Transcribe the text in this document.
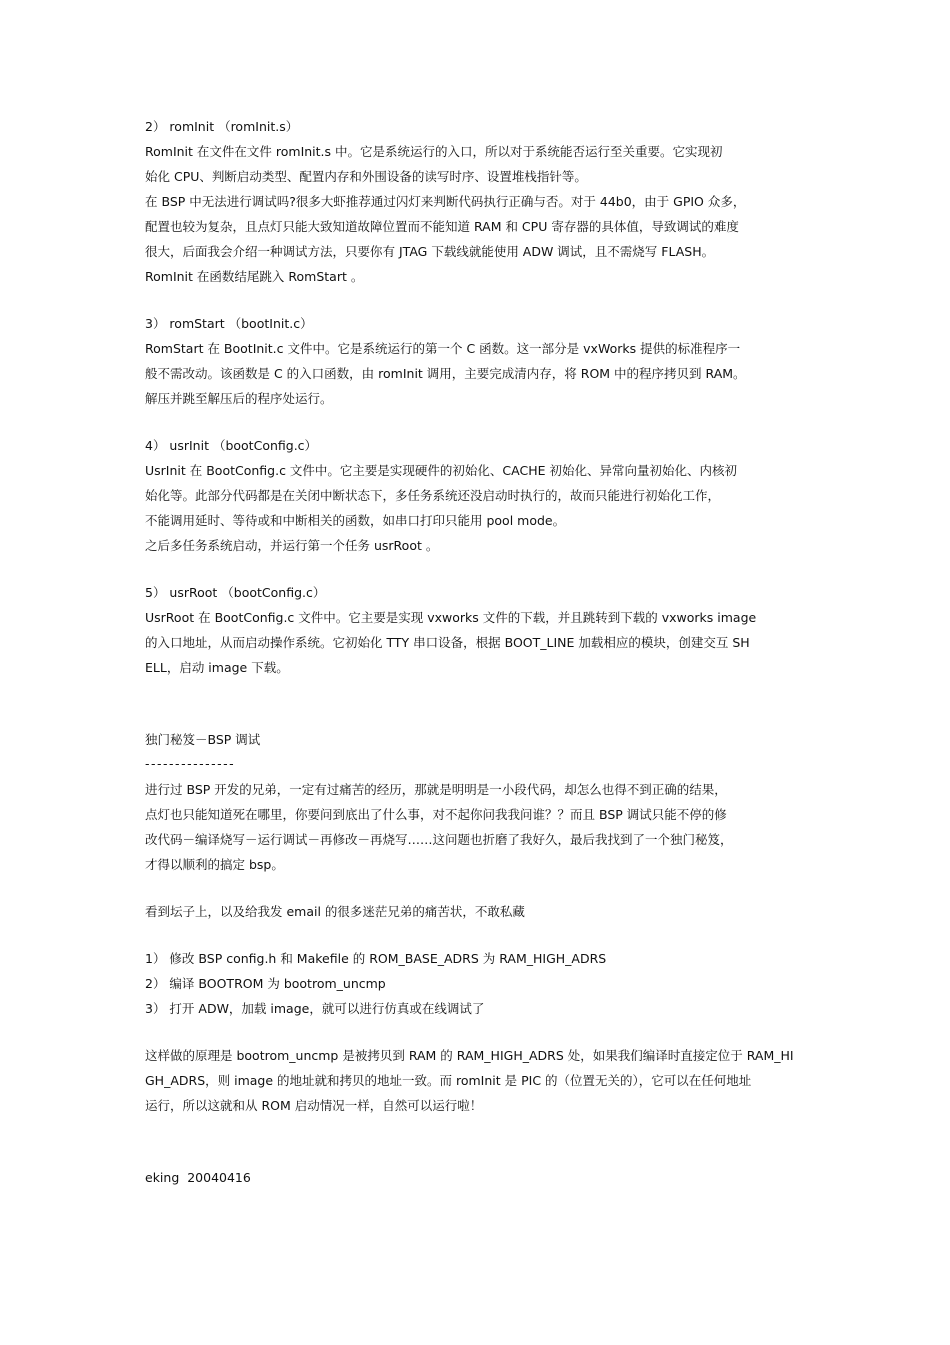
2） romInit （romInit.s）
RomInit 在文件在文件 romInit.s 中。它是系统运行的入口，所以对于系统能否运行至关重要。它实现初
始化 CPU、判断启动类型、配置内存和外围设备的读写时序、设置堆栈指针等。
在 BSP 中无法进行调试吗?很多大虾推荐通过闪灯来判断代码执行正确与否。对于 44b0，由于 GPIO 众多，
配置也较为复杂，且点灯只能大致知道故障位置而不能知道 RAM 和 CPU 寄存器的具体值，导致调试的难度
很大，后面我会介绍一种调试方法，只要你有 JTAG 下载线就能使用 ADW 调试，且不需烧写 FLASH。
RomInit 在函数结尾跳入 RomStart 。
3） romStart （bootInit.c）
RomStart 在 BootInit.c 文件中。它是系统运行的第一个 C 函数。这一部分是 vxWorks 提供的标准程序一
般不需改动。该函数是 C 的入口函数，由 romInit 调用，主要完成清内存，将 ROM 中的程序拷贝到 RAM。
解压并跳至解压后的程序处运行。
4） usrInit （bootConfig.c）
UsrInit 在 BootConfig.c 文件中。它主要是实现硬件的初始化、CACHE 初始化、异常向量初始化、内核初
始化等。此部分代码都是在关闭中断状态下，多任务系统还没启动时执行的，故而只能进行初始化工作，
不能调用延时、等待或和中断相关的函数，如串口打印只能用 pool mode。
之后多任务系统启动，并运行第一个任务 usrRoot 。
5） usrRoot （bootConfig.c）
UsrRoot 在 BootConfig.c 文件中。它主要是实现 vxworks 文件的下载，并且跳转到下载的 vxworks image
的入口地址，从而启动操作系统。它初始化 TTY 串口设备，根据 BOOT_LINE 加载相应的模块，创建交互 SH
ELL，启动 image 下载。
独门秘笈－BSP 调试
---------------
进行过 BSP 开发的兄弟，一定有过痛苦的经历，那就是明明是一小段代码，却怎么也得不到正确的结果，
点灯也只能知道死在哪里，你要问到底出了什么事，对不起你问我我问谁？？而且 BSP 调试只能不停的修
改代码－编译烧写－运行调试－再修改－再烧写……这问题也折磨了我好久，最后我找到了一个独门秘笈，
才得以顺利的搞定 bsp。
看到坛子上，以及给我发 email 的很多迷茫兄弟的痛苦状，不敢私藏
1） 修改 BSP config.h 和 Makefile 的 ROM_BASE_ADRS 为 RAM_HIGH_ADRS
2） 编译 BOOTROM 为 bootrom_uncmp
3） 打开 ADW，加载 image，就可以进行仿真或在线调试了
这样做的原理是 bootrom_uncmp 是被拷贝到 RAM 的 RAM_HIGH_ADRS 处，如果我们编译时直接定位于 RAM_HI
GH_ADRS，则 image 的地址就和拷贝的地址一致。而 romInit 是 PIC 的（位置无关的），它可以在任何地址
运行，所以这就和从 ROM 启动情况一样，自然可以运行啦！
eking  20040416
